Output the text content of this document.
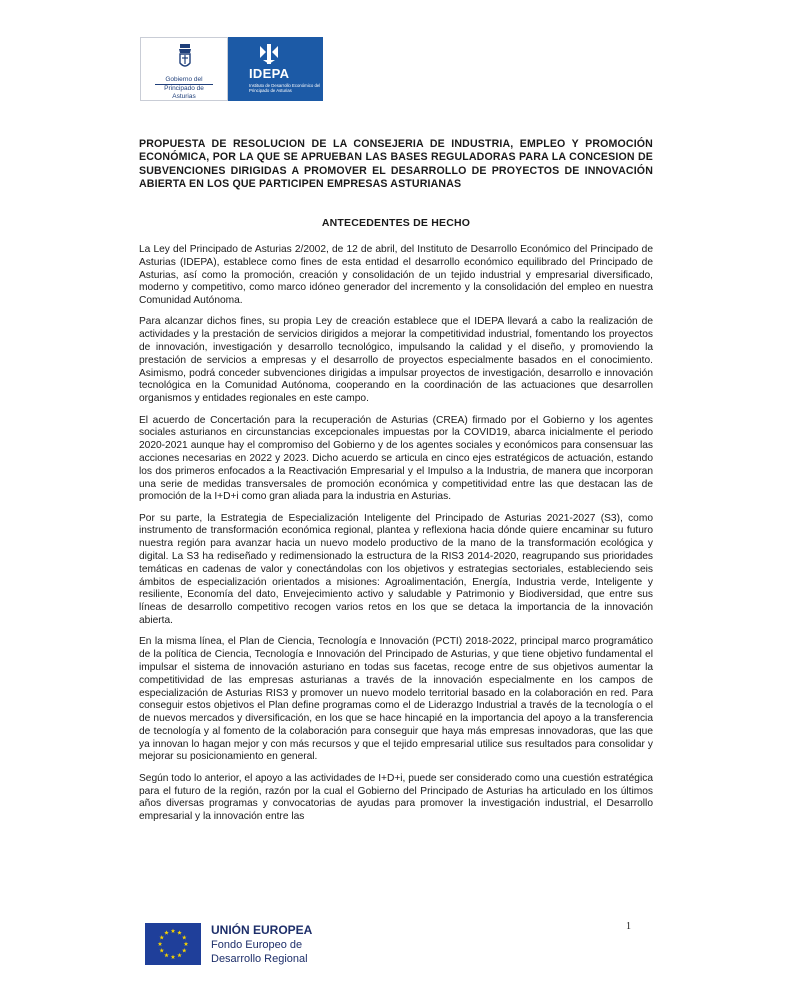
Gobierno del
Principado de Asturias
IDEPA
Instituto de Desarrollo Económico del Principado de Asturias
PROPUESTA DE RESOLUCION DE LA CONSEJERIA DE INDUSTRIA, EMPLEO Y PROMOCIÓN ECONÓMICA, POR LA QUE SE APRUEBAN LAS BASES REGULADORAS PARA LA CONCESION DE SUBVENCIONES DIRIGIDAS A PROMOVER EL DESARROLLO DE PROYECTOS DE INNOVACIÓN ABIERTA EN LOS QUE PARTICIPEN EMPRESAS ASTURIANAS
ANTECEDENTES DE HECHO

La Ley del Principado de Asturias 2/2002, de 12 de abril, del Instituto de Desarrollo Económico del Principado de Asturias (IDEPA), establece como fines de esta entidad el desarrollo económico equilibrado del Principado de Asturias, así como la promoción, creación y consolidación de un tejido industrial y empresarial diversificado, moderno y competitivo, como marco idóneo generador del incremento y la consolidación del empleo en nuestra Comunidad Autónoma.

Para alcanzar dichos fines, su propia Ley de creación establece que el IDEPA llevará a cabo la realización de actividades y la prestación de servicios dirigidos a mejorar la competitividad industrial, fomentando los proyectos de innovación, investigación y desarrollo tecnológico, impulsando la calidad y el diseño, y promoviendo la prestación de servicios a empresas y el desarrollo de proyectos especialmente basados en el conocimiento. Asimismo, podrá conceder subvenciones dirigidas a impulsar proyectos de investigación, desarrollo e innovación tecnológica en la Comunidad Autónoma, cooperando en la coordinación de las actuaciones que desarrollen organismos y entidades regionales en este campo.

El acuerdo de Concertación para la recuperación de Asturias (CREA) firmado por el Gobierno y los agentes sociales asturianos en circunstancias excepcionales impuestas por la COVID19, abarca inicialmente el periodo 2020-2021 aunque hay el compromiso del Gobierno y de los agentes sociales y económicos para consensuar las acciones necesarias en 2022 y 2023. Dicho acuerdo se articula en cinco ejes estratégicos de actuación, estando los dos primeros enfocados a la Reactivación Empresarial y el Impulso a la Industria, de manera que incorporan una serie de medidas transversales de promoción económica y competitividad entre las que destacan las de promoción de la I+D+i como gran aliada para la industria en Asturias.

Por su parte, la Estrategia de Especialización Inteligente del Principado de Asturias 2021-2027 (S3), como instrumento de transformación económica regional, plantea y reflexiona hacia dónde quiere encaminar su futuro nuestra región para avanzar hacia un nuevo modelo productivo de la mano de la transformación ecológica y digital. La S3 ha rediseñado y redimensionado la estructura de la RIS3 2014-2020, reagrupando sus prioridades temáticas en cadenas de valor y conectándolas con los objetivos y estrategias sectoriales, estableciendo seis ámbitos de especialización orientados a misiones: Agroalimentación, Energía, Industria verde, Inteligente y resiliente, Economía del dato, Envejecimiento activo y saludable y Patrimonio y Biodiversidad, que entre sus líneas de desarrollo competitivo recogen varios retos en los que se detaca la importancia de la innovación abierta.

En la misma línea, el Plan de Ciencia, Tecnología e Innovación (PCTI) 2018-2022, principal marco programático de la política de Ciencia, Tecnología e Innovación del Principado de Asturias, y que tiene objetivo fundamental el impulsar el sistema de innovación asturiano en todas sus facetas, recoge entre de sus objetivos aumentar la competitividad de las empresas asturianas a través de la innovación especialmente en los campos de especialización de Asturias RIS3 y promover un nuevo modelo territorial basado en la colaboración en red. Para conseguir estos objetivos el Plan define programas como el de Liderazgo Industrial a través de la tecnología o el de nuevos mercados y diversificación, en los que se hace hincapié en la importancia del apoyo a la transferencia de tecnología y al fomento de la colaboración para conseguir que haya más empresas innovadoras, que las que ya innovan lo hagan mejor y con más recursos y que el tejido empresarial utilice sus resultados para consolidar y mejorar su posicionamiento en general.

Según todo lo anterior, el apoyo a las actividades de I+D+i, puede ser considerado como una cuestión estratégica para el futuro de la región, razón por la cual el Gobierno del Principado de Asturias ha articulado en los últimos años diversas programas y convocatorias de ayudas para promover la investigación industrial, el Desarrollo empresarial y la innovación entre las

UNIÓN EUROPEA
Fondo Europeo de
Desarrollo Regional
1
